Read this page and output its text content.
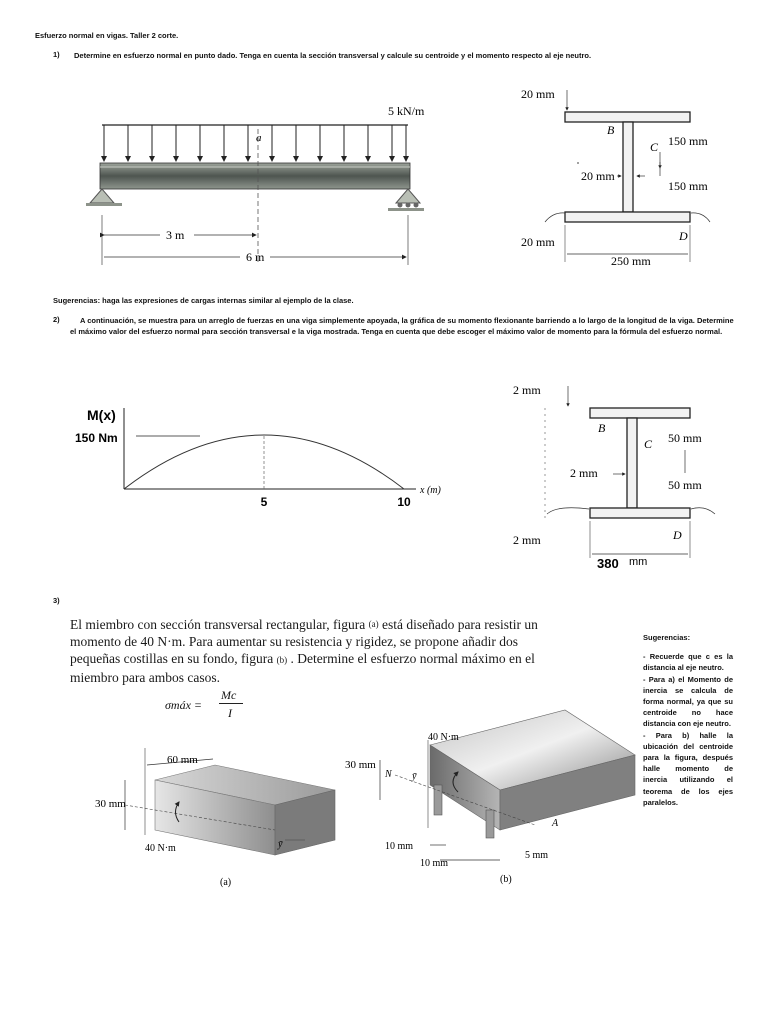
Esfuerzo normal en vigas. Taller 2 corte.
1) Determine en esfuerzo normal en punto dado. Tenga en cuenta la sección transversal y calcule su centroide y el momento respecto al eje neutro.
5 kN/m
a
3 m
6 m
20 mm
B
C
20 mm
150 mm
150 mm
20 mm	D
250 mm
Sugerencias: haga las expresiones de cargas internas similar al ejemplo de la clase.
2)	A continuación, se muestra para un arreglo de fuerzas en una viga simplemente apoyada, la gráfica de su momento flexionante barriendo a lo largo de la longitud de la viga. Determine el máximo valor del esfuerzo normal para sección transversal e la viga mostrada. Tenga en cuenta que debe escoger el máximo valor de momento para la fórmula del esfuerzo normal.
M(x)
150 Nm
x (m)
5	10
2 mm
B
C
2 mm
50 mm
50 mm
2 mm	D
380 mm
3)
El miembro con sección transversal rectangular, figura $^{(a)}$ está diseñado para resistir un momento de 40 N·m. Para aumentar su resistencia y rigidez, se propone añadir dos pequeñas costillas en su fondo, figura (b) . Determine el esfuerzo normal máximo en el miembro para ambos casos.
σmáx =
Mc
I
60 mm
30 mm
40 N·m	ȳ
(a)
40 N·m
30 mm
N ȳ
A
10 mm
10 mm
5 mm
(b)
Sugerencias:
- Recuerde que c es la distancia al eje neutro.
- Para a) el Momento de inercia se calcula de forma normal, ya que su centroide no hace distancia con eje neutro.
- Para b) halle la ubicación del centroide para la figura, después halle momento de inercia utilizando el teorema de los ejes paralelos.
